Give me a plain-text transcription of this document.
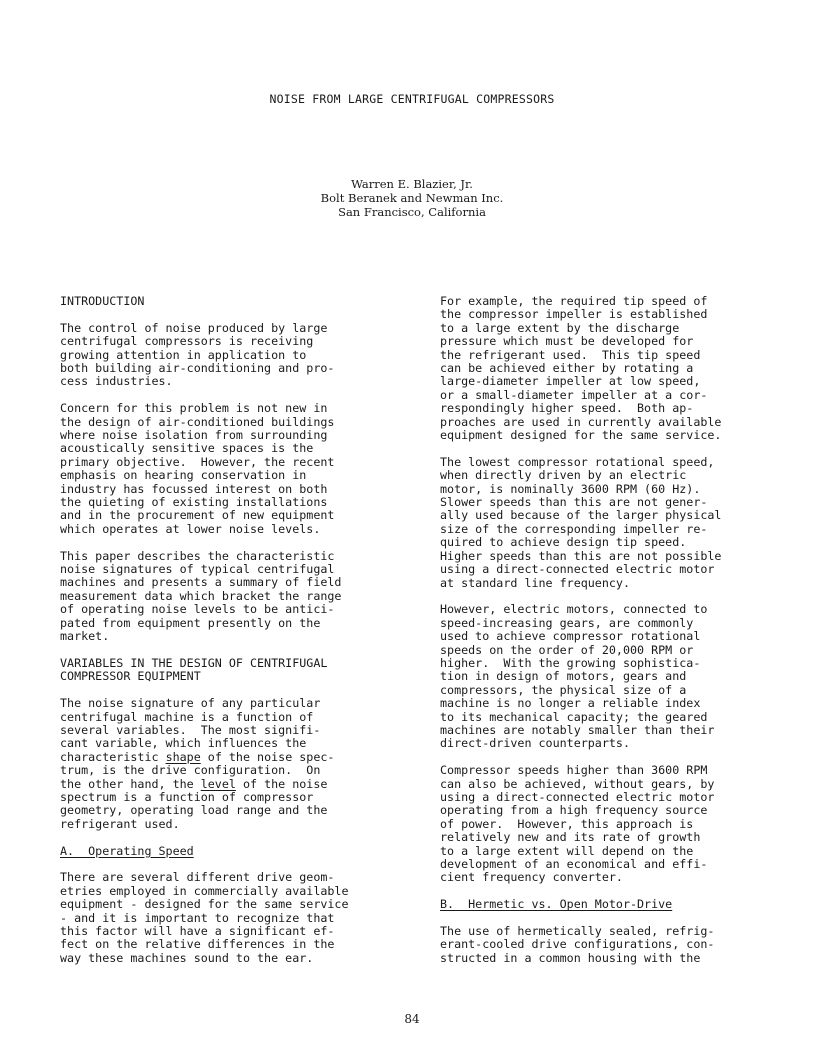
NOISE FROM LARGE CENTRIFUGAL COMPRESSORS
Warren E. Blazier, Jr.
Bolt Beranek and Newman Inc.
San Francisco, California
INTRODUCTION

The control of noise produced by large
centrifugal compressors is receiving
growing attention in application to
both building air-conditioning and pro-
cess industries.

Concern for this problem is not new in
the design of air-conditioned buildings
where noise isolation from surrounding
acoustically sensitive spaces is the
primary objective.  However, the recent
emphasis on hearing conservation in
industry has focussed interest on both
the quieting of existing installations
and in the procurement of new equipment
which operates at lower noise levels.

This paper describes the characteristic
noise signatures of typical centrifugal
machines and presents a summary of field
measurement data which bracket the range
of operating noise levels to be antici-
pated from equipment presently on the
market.

VARIABLES IN THE DESIGN OF CENTRIFUGAL
COMPRESSOR EQUIPMENT

The noise signature of any particular
centrifugal machine is a function of
several variables.  The most signifi-
cant variable, which influences the
characteristic shape of the noise spec-
trum, is the drive configuration.  On
the other hand, the level of the noise
spectrum is a function of compressor
geometry, operating load range and the
refrigerant used.

A.  Operating Speed

There are several different drive geom-
etries employed in commercially available
equipment - designed for the same service
- and it is important to recognize that
this factor will have a significant ef-
fect on the relative differences in the
way these machines sound to the ear.

For example, the required tip speed of
the compressor impeller is established
to a large extent by the discharge
pressure which must be developed for
the refrigerant used.  This tip speed
can be achieved either by rotating a
large-diameter impeller at low speed,
or a small-diameter impeller at a cor-
respondingly higher speed.  Both ap-
proaches are used in currently available
equipment designed for the same service.

The lowest compressor rotational speed,
when directly driven by an electric
motor, is nominally 3600 RPM (60 Hz).
Slower speeds than this are not gener-
ally used because of the larger physical
size of the corresponding impeller re-
quired to achieve design tip speed.
Higher speeds than this are not possible
using a direct-connected electric motor
at standard line frequency.

However, electric motors, connected to
speed-increasing gears, are commonly
used to achieve compressor rotational
speeds on the order of 20,000 RPM or
higher.  With the growing sophistica-
tion in design of motors, gears and
compressors, the physical size of a
machine is no longer a reliable index
to its mechanical capacity; the geared
machines are notably smaller than their
direct-driven counterparts.

Compressor speeds higher than 3600 RPM
can also be achieved, without gears, by
using a direct-connected electric motor
operating from a high frequency source
of power.  However, this approach is
relatively new and its rate of growth
to a large extent will depend on the
development of an economical and effi-
cient frequency converter.

B.  Hermetic vs. Open Motor-Drive

The use of hermetically sealed, refrig-
erant-cooled drive configurations, con-
structed in a common housing with the

84
